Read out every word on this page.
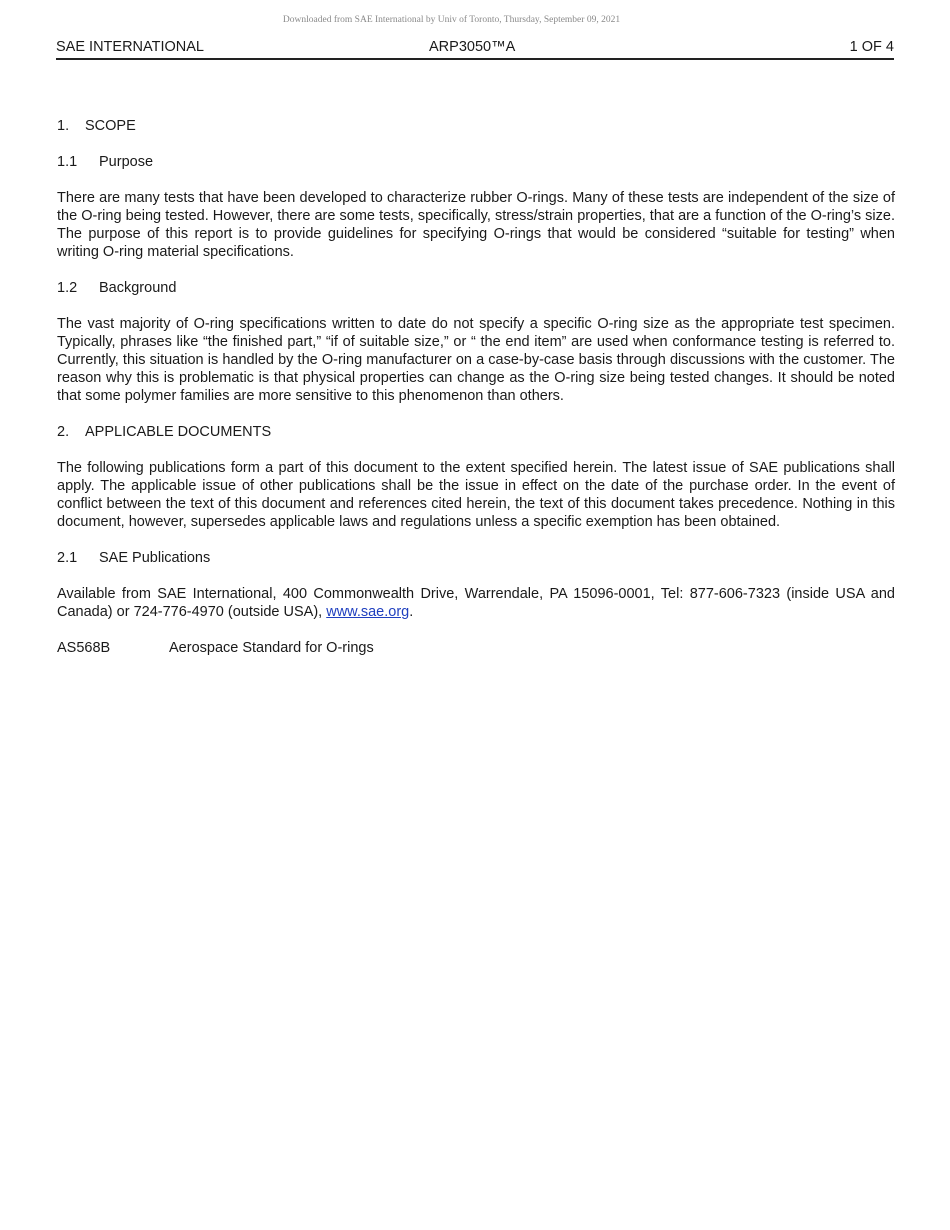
Downloaded from SAE International by Univ of Toronto, Thursday, September 09, 2021
SAE INTERNATIONAL	ARP3050™A	1 OF 4
1. SCOPE
1.1 Purpose

There are many tests that have been developed to characterize rubber O-rings. Many of these tests are independent of the size of the O-ring being tested. However, there are some tests, specifically, stress/strain properties, that are a function of the O-ring’s size. The purpose of this report is to provide guidelines for specifying O-rings that would be considered “suitable for testing” when writing O-ring material specifications.

1.2 Background

The vast majority of O-ring specifications written to date do not specify a specific O-ring size as the appropriate test specimen. Typically, phrases like “the finished part,” “if of suitable size,” or “ the end item” are used when conformance testing is referred to. Currently, this situation is handled by the O-ring manufacturer on a case-by-case basis through discussions with the customer. The reason why this is problematic is that physical properties can change as the O-ring size being tested changes. It should be noted that some polymer families are more sensitive to this phenomenon than others.

2. APPLICABLE DOCUMENTS

The following publications form a part of this document to the extent specified herein. The latest issue of SAE publications shall apply. The applicable issue of other publications shall be the issue in effect on the date of the purchase order. In the event of conflict between the text of this document and references cited herein, the text of this document takes precedence. Nothing in this document, however, supersedes applicable laws and regulations unless a specific exemption has been obtained.

2.1 SAE Publications

Available from SAE International, 400 Commonwealth Drive, Warrendale, PA 15096-0001, Tel: 877-606-7323 (inside USA and Canada) or 724-776-4970 (outside USA), www.sae.org.

AS568B	Aerospace Standard for O-rings
